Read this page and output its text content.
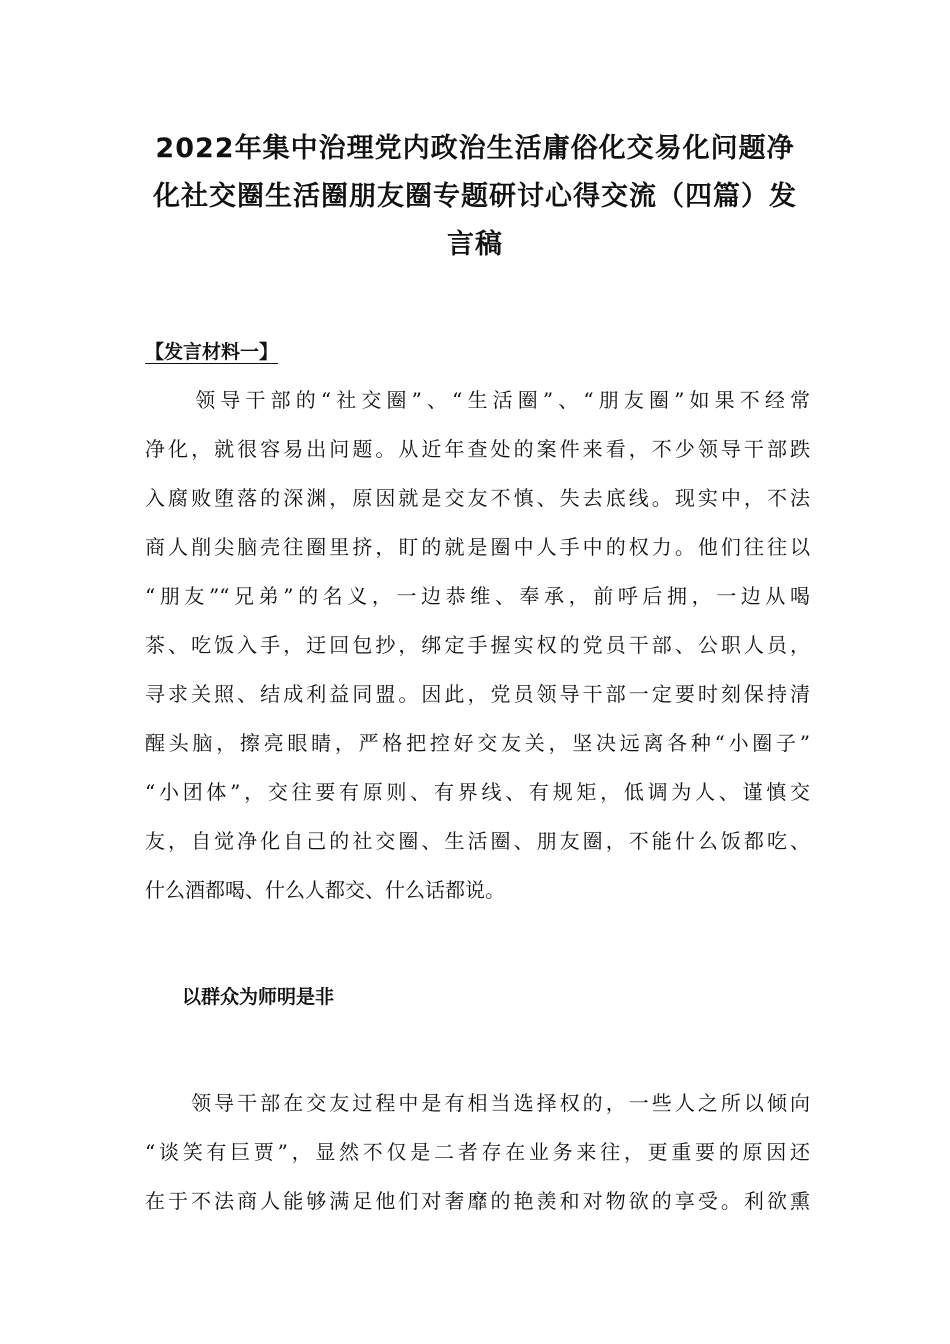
2022年集中治理党内政治生活庸俗化交易化问题净
化社交圈生活圈朋友圈专题研讨心得交流（四篇）发
言稿
【发言材料一】
　　领导干部的“社交圈”、“生活圈”、“朋友圈”如果不经常
净化，就很容易出问题。从近年查处的案件来看，不少领导干部跌
入腐败堕落的深渊，原因就是交友不慎、失去底线。现实中，不法
商人削尖脑壳往圈里挤，盯的就是圈中人手中的权力。他们往往以
“朋友”“兄弟”的名义，一边恭维、奉承，前呼后拥，一边从喝
茶、吃饭入手，迂回包抄，绑定手握实权的党员干部、公职人员，
寻求关照、结成利益同盟。因此，党员领导干部一定要时刻保持清
醒头脑，擦亮眼睛，严格把控好交友关，坚决远离各种“小圈子”
“小团体”，交往要有原则、有界线、有规矩，低调为人、谨慎交
友，自觉净化自己的社交圈、生活圈、朋友圈，不能什么饭都吃、
什么酒都喝、什么人都交、什么话都说。
以群众为师明是非
　　领导干部在交友过程中是有相当选择权的，一些人之所以倾向
“谈笑有巨贾”，显然不仅是二者存在业务来往，更重要的原因还
在于不法商人能够满足他们对奢靡的艳羡和对物欲的享受。利欲熏
